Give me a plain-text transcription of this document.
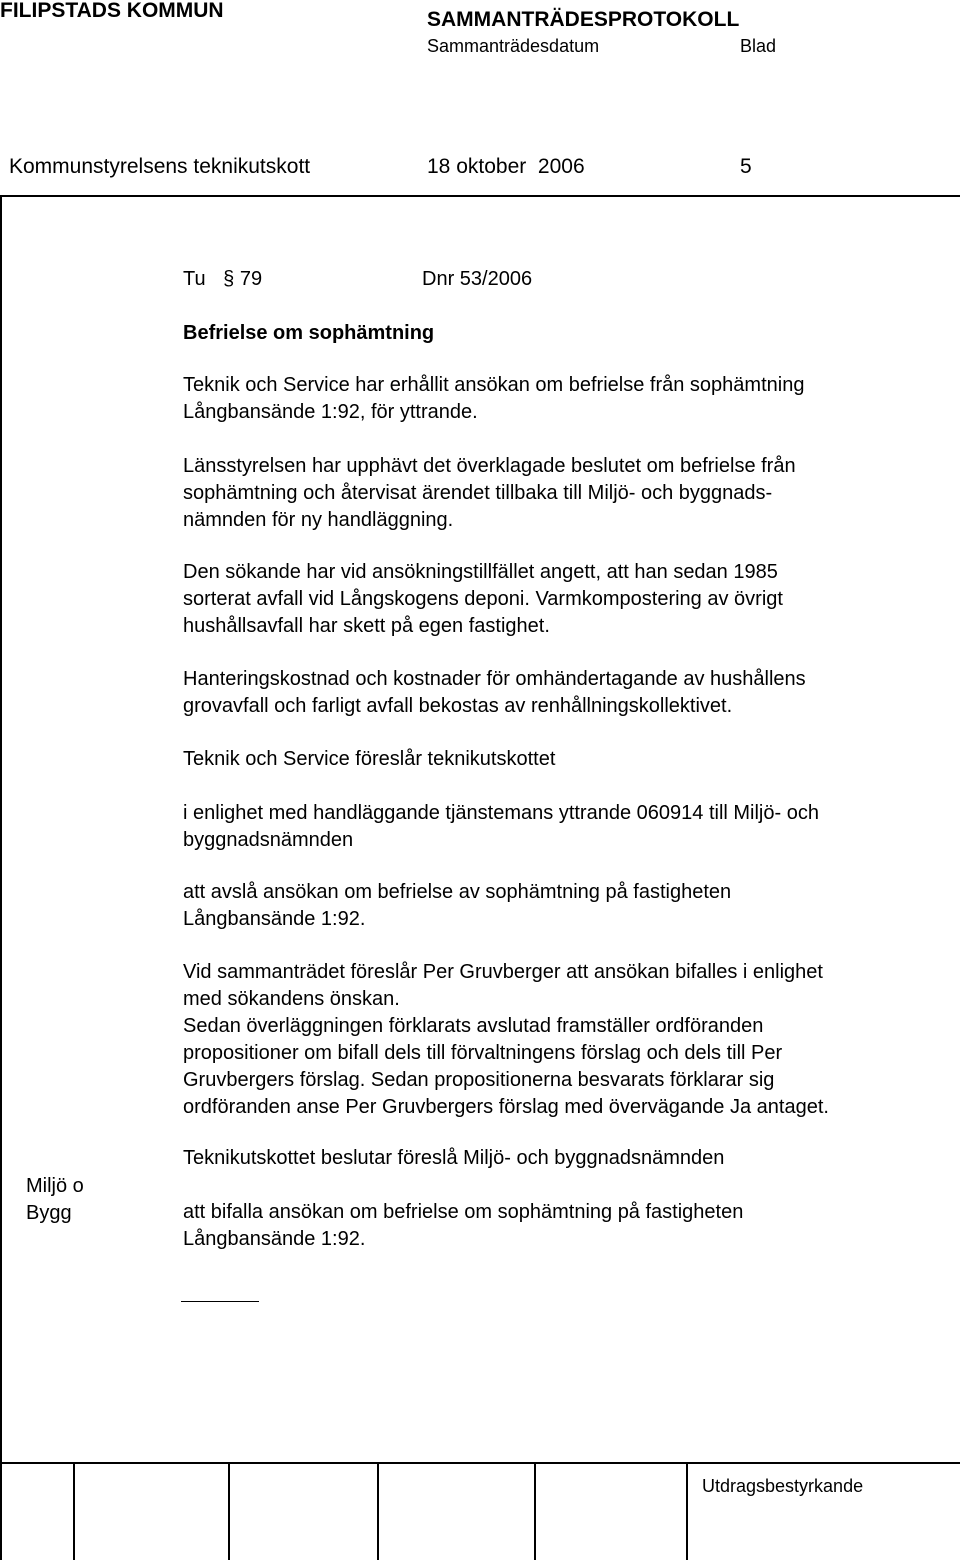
FILIPSTADS KOMMUN	SAMMANTRÄDESPROTOKOLL
Sammanträdesdatum	Blad
Kommunstyrelsens teknikutskott	18 oktober  2006	5
Tu § 79	Dnr 53/2006
Befrielse om sophämtning

Teknik och Service har erhållit ansökan om befrielse från sophämtning

Långbansände 1:92, för yttrande.

Länsstyrelsen har upphävt det överklagade beslutet om befrielse från

sophämtning och återvisat ärendet tillbaka till Miljö- och byggnads-

nämnden för ny handläggning.

Den sökande har vid ansökningstillfället angett, att han sedan 1985

sorterat avfall vid Långskogens deponi. Varmkompostering av övrigt

hushållsavfall har skett på egen fastighet.

Hanteringskostnad och kostnader för omhändertagande av hushållens

grovavfall och farligt avfall bekostas av renhållningskollektivet.

Teknik och Service föreslår teknikutskottet

i enlighet med handläggande tjänstemans yttrande 060914 till Miljö- och

byggnadsnämnden

att avslå ansökan om befrielse av sophämtning på fastigheten

Långbansände 1:92.

Vid sammanträdet föreslår Per Gruvberger att ansökan bifalles i enlighet

med sökandens önskan.

Sedan överläggningen förklarats avslutad framställer ordföranden

propositioner om bifall dels till förvaltningens förslag och dels till Per

Gruvbergers förslag. Sedan propositionerna besvarats förklarar sig

ordföranden anse Per Gruvbergers förslag med övervägande Ja antaget.

Teknikutskottet beslutar föreslå Miljö- och byggnadsnämnden

att bifalla ansökan om befrielse om sophämtning på fastigheten

Långbansände 1:92.

Miljö o
Bygg
Utdragsbestyrkande
